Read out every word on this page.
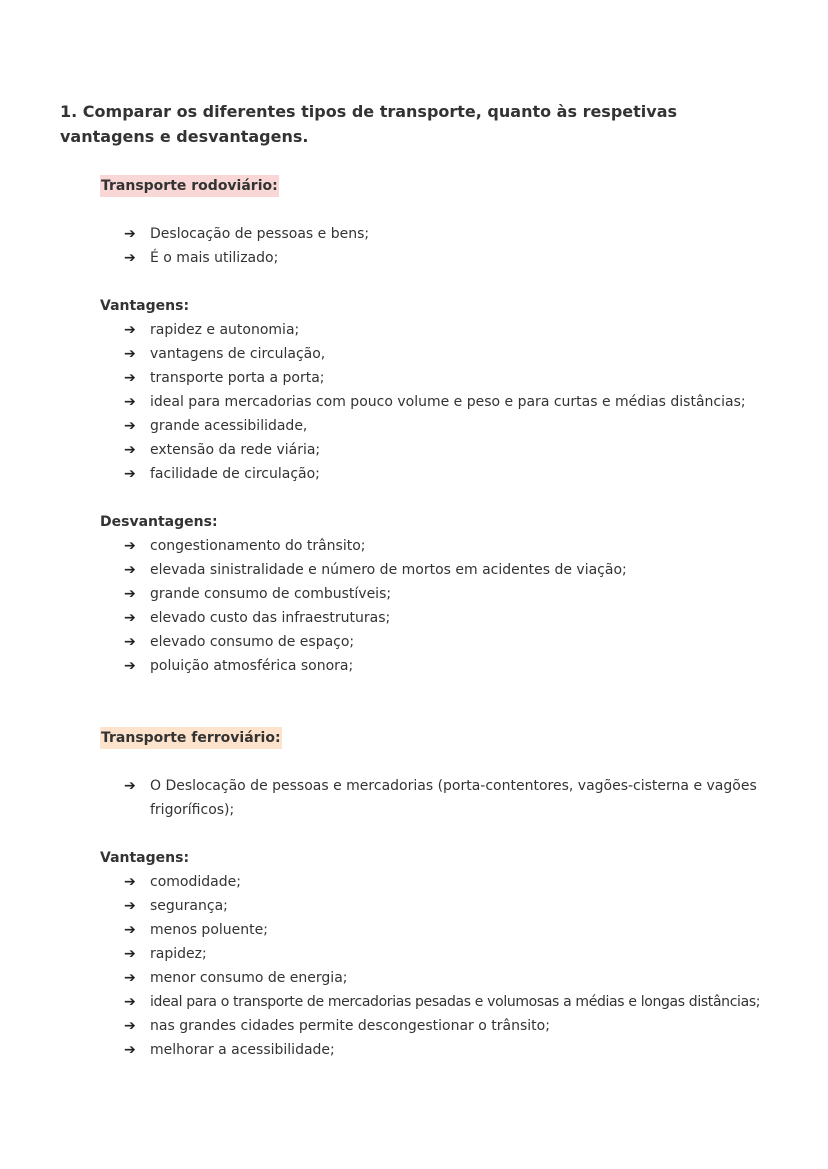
1. Comparar os diferentes tipos de transporte, quanto às respetivas vantagens e desvantagens.
Transporte rodoviário:
➔ Deslocação de pessoas e bens;
➔ É o mais utilizado;
Vantagens:
➔ rapidez e autonomia;
➔ vantagens de circulação,
➔ transporte porta a porta;
➔ ideal para mercadorias com pouco volume e peso e para curtas e médias distâncias;
➔ grande acessibilidade,
➔ extensão da rede viária;
➔ facilidade de circulação;
Desvantagens:
➔ congestionamento do trânsito;
➔ elevada sinistralidade e número de mortos em acidentes de viação;
➔ grande consumo de combustíveis;
➔ elevado custo das infraestruturas;
➔ elevado consumo de espaço;
➔ poluição atmosférica sonora;
Transporte ferroviário:
➔ O Deslocação de pessoas e mercadorias (porta-contentores, vagões-cisterna e vagões frigoríficos);
Vantagens:
➔ comodidade;
➔ segurança;
➔ menos poluente;
➔ rapidez;
➔ menor consumo de energia;
➔ ideal para o transporte de mercadorias pesadas e volumosas a médias e longas distâncias;
➔ nas grandes cidades permite descongestionar o trânsito;
➔ melhorar a acessibilidade;
